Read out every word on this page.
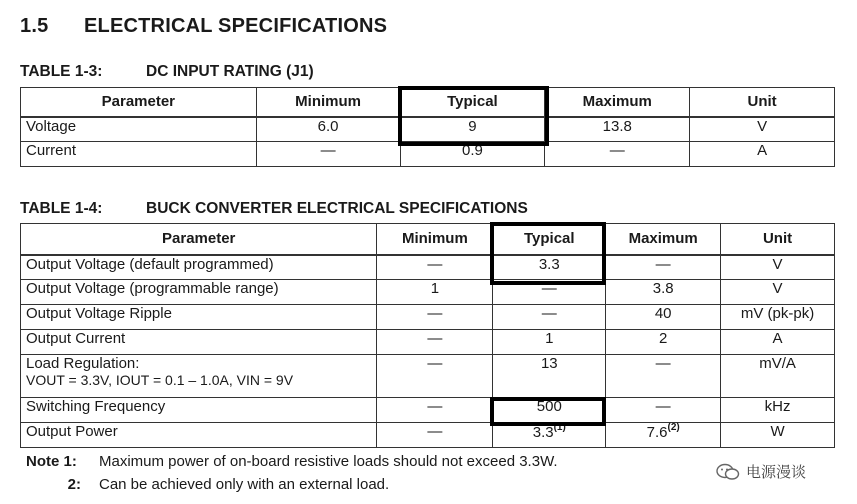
1.5 ELECTRICAL SPECIFICATIONS
TABLE 1-3:	DC INPUT RATING (J1)
Parameter	Minimum	Typical	Maximum	Unit
Voltage	6.0	9	13.8	V
Current	—	0.9	—	A
TABLE 1-4:	BUCK CONVERTER ELECTRICAL SPECIFICATIONS
Parameter	Minimum	Typical	Maximum	Unit
Output Voltage (default programmed)	—	3.3	—	V
Output Voltage (programmable range)	1	—	3.8	V
Output Voltage Ripple	—	—	40	mV (pk-pk)
Output Current	—	1	2	A

Load Regulation:
VOUT = 3.3V, IOUT = 0.1 – 1.0A, VIN = 9V	—	13	—	mV/A
Switching Frequency	—	500	—	kHz
Output Power	—	3.3$^{(1)}$	7.6$^{(2)}$	W
Note 1: Maximum power of on-board resistive loads should not exceed 3.3W.
2: Can be achieved only with an external load.
电源漫谈
